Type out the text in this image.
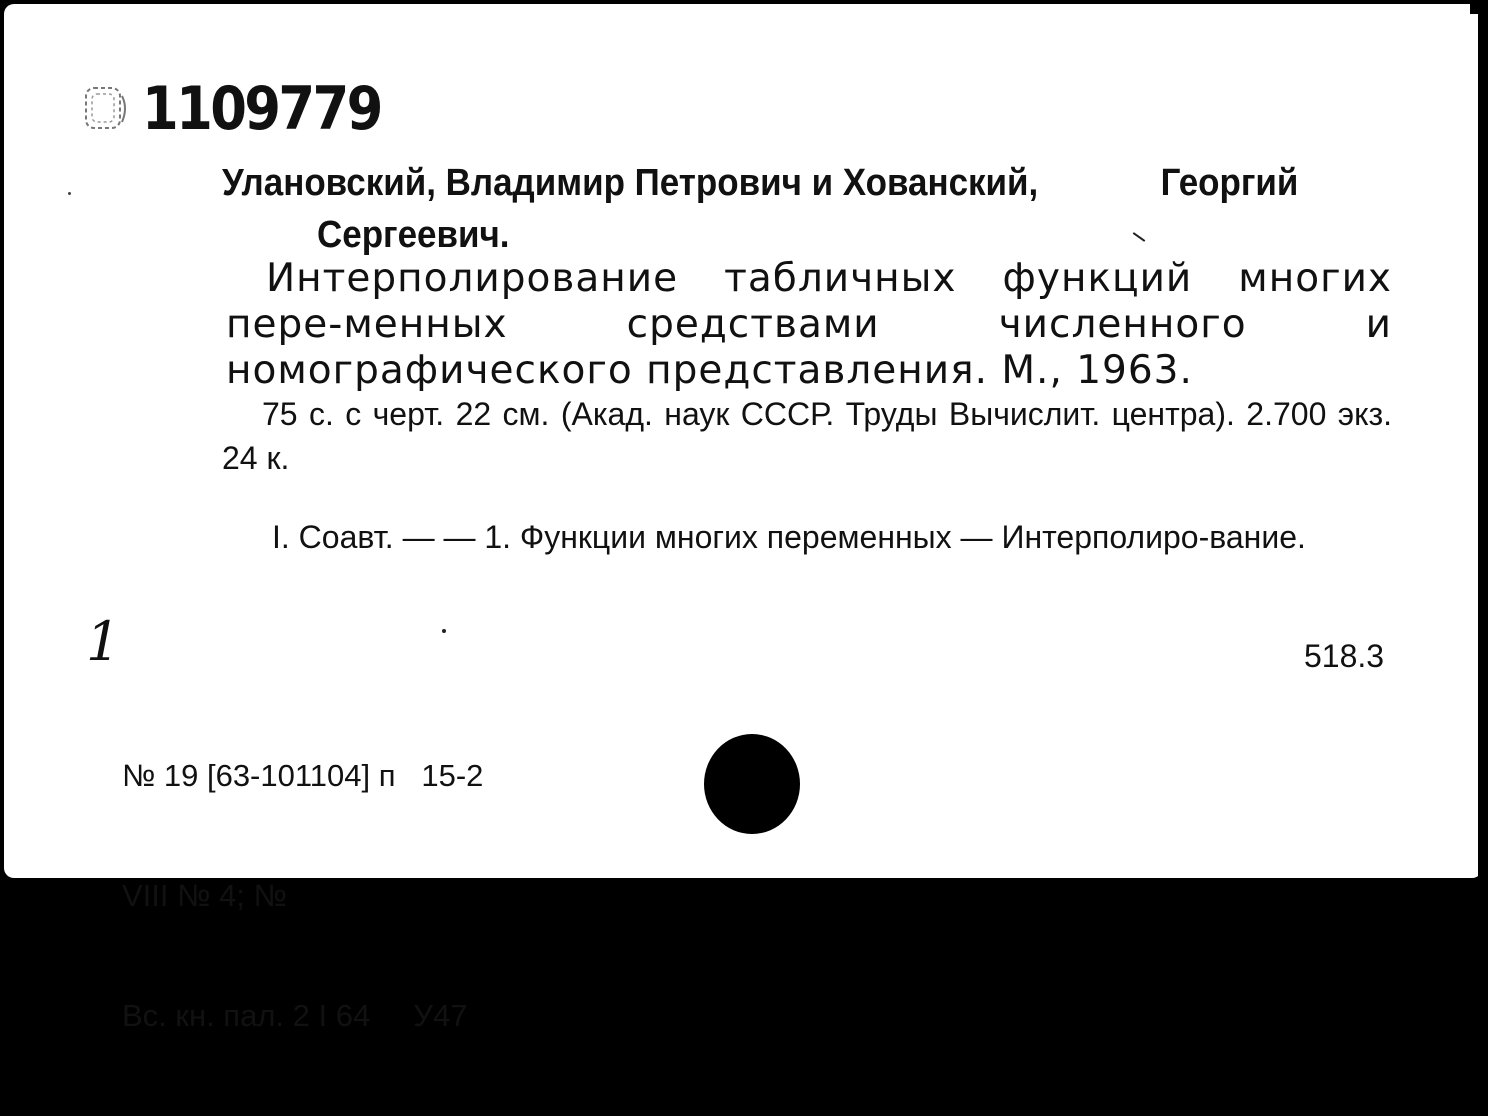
1109779
Улановский, Владимир Петрович и Хованский,	Георгий
Сергеевич.
Интерполирование табличных функций многих пере-менных средствами численного и номографического представления. М., 1963.
75 с. с черт. 22 см. (Акад. наук СССР. Труды Вычислит. центра). 2.700 экз. 24 к.
I. Соавт. — — 1. Функции многих переменных — Интерполиро-вание.
1	518.3

№ 19 [63-101104] п   15-2

VIII № 4; №

Вс. кн. пал. 2 I 64     У47
